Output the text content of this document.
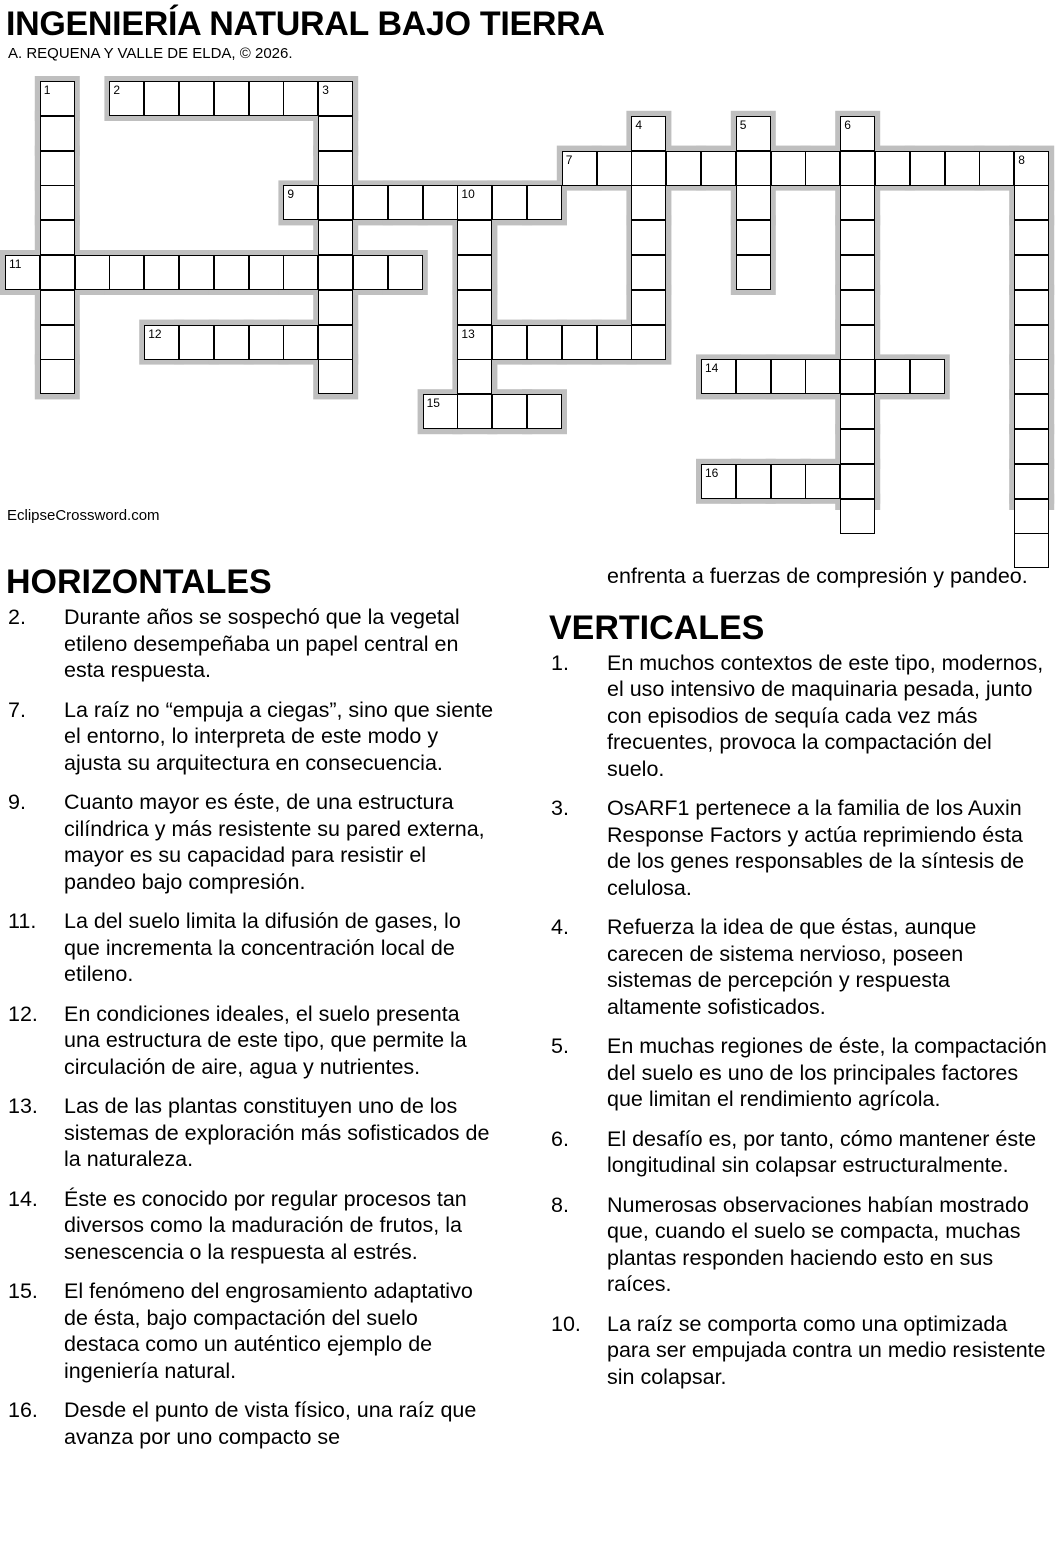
INGENIERÍA NATURAL BAJO TIERRA
A. REQUENA Y VALLE DE ELDA, © 2026.
1	2	3
4	5	6
7	8
9	10
13
11
12
14
15
16
EclipseCrossword.com
HORIZONTALES
2. Durante años se sospechó que la vegetal etileno desempeñaba un papel central en esta respuesta.
7. La raíz no “empuja a ciegas”, sino que siente el entorno, lo interpreta de este modo y ajusta su arquitectura en consecuencia.
9. Cuanto mayor es éste, de una estructura cilíndrica y más resistente su pared externa, mayor es su capacidad para resistir el pandeo bajo compresión.
11. La del suelo limita la difusión de gases, lo que incrementa la concentración local de etileno.
12. En condiciones ideales, el suelo presenta una estructura de este tipo, que permite la circulación de aire, agua y nutrientes.
13. Las de las plantas constituyen uno de los sistemas de exploración más sofisticados de la naturaleza.
14. Éste es conocido por regular procesos tan diversos como la maduración de frutos, la senescencia o la respuesta al estrés.
15. El fenómeno del engrosamiento adaptativo de ésta, bajo compactación del suelo destaca como un auténtico ejemplo de ingeniería natural.
16. Desde el punto de vista físico, una raíz que avanza por uno compacto se
enfrenta a fuerzas de compresión y pandeo.
VERTICALES
1. En muchos contextos de este tipo, modernos, el uso intensivo de maquinaria pesada, junto con episodios de sequía cada vez más frecuentes, provoca la compactación del suelo.
3. OsARF1 pertenece a la familia de los Auxin Response Factors y actúa reprimiendo ésta de los genes responsables de la síntesis de celulosa.
4. Refuerza la idea de que éstas, aunque carecen de sistema nervioso, poseen sistemas de percepción y respuesta altamente sofisticados.
5. En muchas regiones de éste, la compactación del suelo es uno de los principales factores que limitan el rendimiento agrícola.
6. El desafío es, por tanto, cómo mantener éste longitudinal sin colapsar estructuralmente.
8. Numerosas observaciones habían mostrado que, cuando el suelo se compacta, muchas plantas responden haciendo esto en sus raíces.
10. La raíz se comporta como una optimizada para ser empujada contra un medio resistente sin colapsar.
